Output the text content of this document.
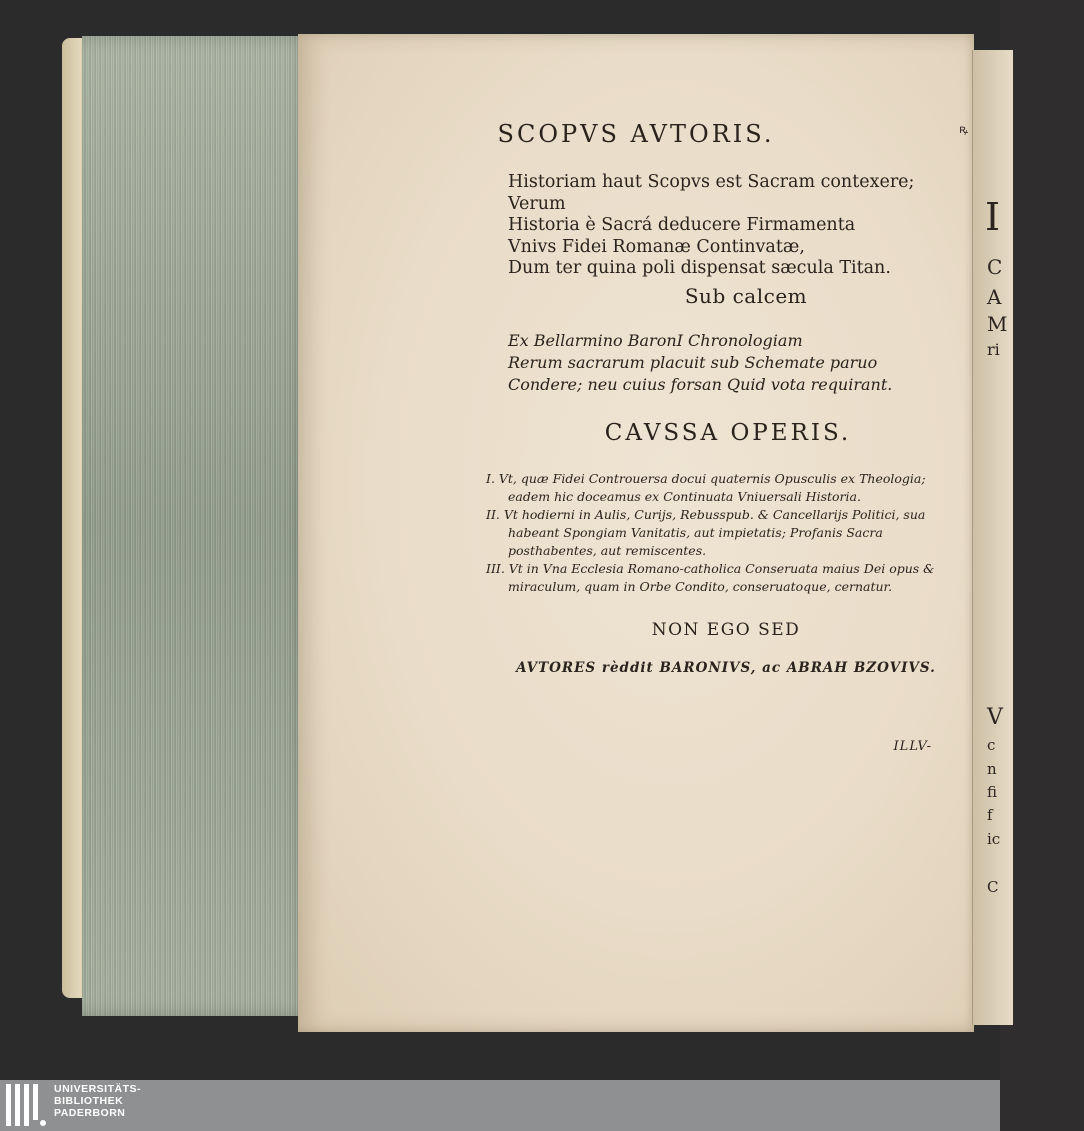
ꝶ
SCOPVS AVTORIS.
Historiam haut Scopvs est Sacram contexere; Verum
Historia è Sacrá deducere Firmamenta
Vnivs Fidei Romanæ Continvatæ,
Dum ter quina poli dispensat sæcula Titan.
Sub calcem
Ex Bellarmino BaronI Chronologiam
Rerum sacrarum placuit sub Schemate paruo
Condere; neu cuius forsan Quid vota requirant.
CAVSSA OPERIS.

I. Vt, quæ Fidei Controuersa docui quaternis Opusculis ex Theologia; eadem hic doceamus ex Continuata Vniuersali Historia.

II. Vt hodierni in Aulis, Curijs, Rebusspub. & Cancellarijs Politici, sua habeant Spongiam Vanitatis, aut impietatis; Profanis Sacra posthabentes, aut remiscentes.

III. Vt in Vna Ecclesia Romano-catholica Conseruata maius Dei opus & miraculum, quam in Orbe Condito, conseruatoque, cernatur.

NON EGO SED
AVTORES rèddit BARONIVS, ac ABRAH BZOVIVS.
ILLV-
I
C
A
M
ri
V
c
n
fi
f
ic
C
UNIVERSITÄTS-
BIBLIOTHEK
PADERBORN
